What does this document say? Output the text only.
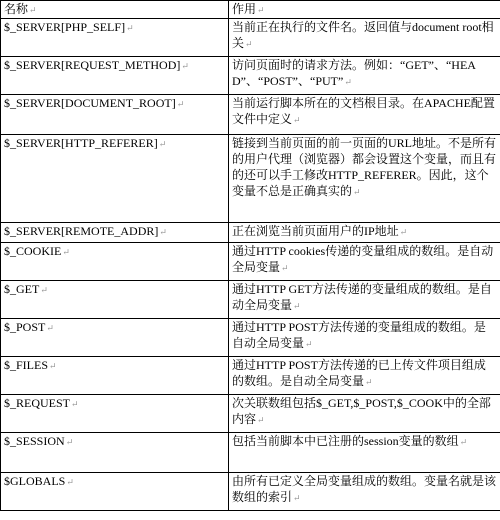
名称↵	作用↵
$_SERVER[PHP_SELF]↵	当前正在执行的文件名。返回值与document root相关↵
$_SERVER[REQUEST_METHOD]↵	访问页面时的请求方法。例如：“GET”、“HEAD”、“POST”、“PUT”↵
$_SERVER[DOCUMENT_ROOT]↵	当前运行脚本所在的文档根目录。在APACHE配置文件中定义↵
$_SERVER[HTTP_REFERER]↵	链接到当前页面的前一页面的URL地址。不是所有的用户代理（浏览器）都会设置这个变量，而且有的还可以手工修改HTTP_REFERER。因此，这个变量不总是正确真实的↵
$_SERVER[REMOTE_ADDR]↵	正在浏览当前页面用户的IP地址↵
$_COOKIE↵	通过HTTP cookies传递的变量组成的数组。是自动全局变量↵
$_GET↵	通过HTTP GET方法传递的变量组成的数组。是自动全局变量↵
$_POST↵	通过HTTP POST方法传递的变量组成的数组。是自动全局变量↵
$_FILES↵	通过HTTP POST方法传递的已上传文件项目组成的数组。是自动全局变量↵
$_REQUEST↵	次关联数组包括$_GET,$_POST,$_COOK中的全部内容↵
$_SESSION↵	包括当前脚本中已注册的session变量的数组↵
$GLOBALS↵	由所有已定义全局变量组成的数组。变量名就是该数组的索引↵
